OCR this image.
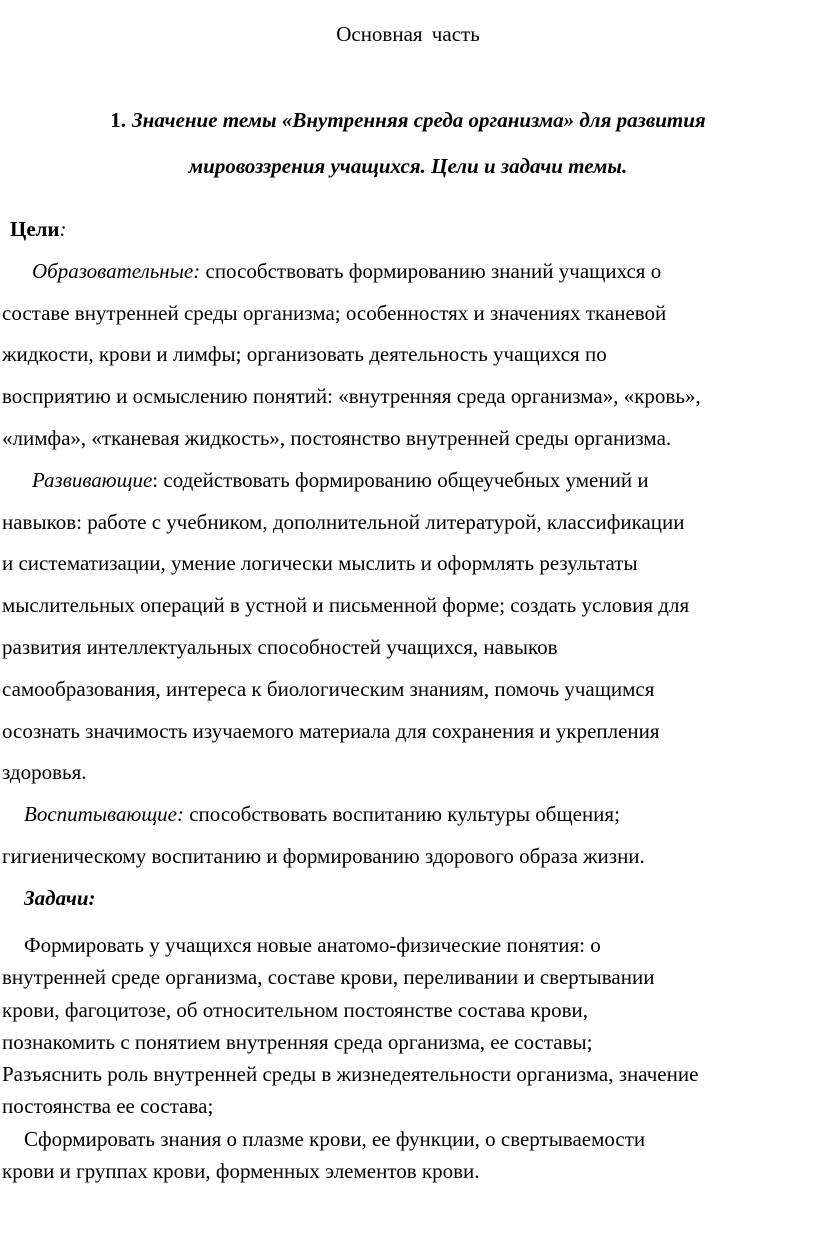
Основная часть
1. Значение темы «Внутренняя среда организма» для развития
мировоззрения учащихся. Цели и задачи темы.
Цели:
Образовательные: способствовать формированию знаний учащихся о
составе внутренней среды организма; особенностях и значениях тканевой
жидкости, крови и лимфы; организовать деятельность учащихся по
восприятию и осмыслению понятий: «внутренняя среда организма», «кровь»,
«лимфа», «тканевая жидкость», постоянство внутренней среды организма.
Развивающие: содействовать формированию общеучебных умений и
навыков: работе с учебником, дополнительной литературой, классификации
и систематизации, умение логически мыслить и оформлять результаты
мыслительных операций в устной и письменной форме; создать условия для
развития интеллектуальных способностей учащихся, навыков
самообразования, интереса к биологическим знаниям, помочь учащимся
осознать значимость изучаемого материала для сохранения и укрепления
здоровья.
Воспитывающие: способствовать воспитанию культуры общения;
гигиеническому воспитанию и формированию здорового образа жизни.
Задачи:
Формировать у учащихся новые анатомо-физические понятия: о
внутренней среде организма, составе крови, переливании и свертывании
крови, фагоцитозе, об относительном постоянстве состава крови,
познакомить с понятием внутренняя среда организма, ее составы;
Разъяснить роль внутренней среды в жизнедеятельности организма, значение
постоянства ее состава;
Сформировать знания о плазме крови, ее функции, о свертываемости
крови и группах крови, форменных элементов крови.
